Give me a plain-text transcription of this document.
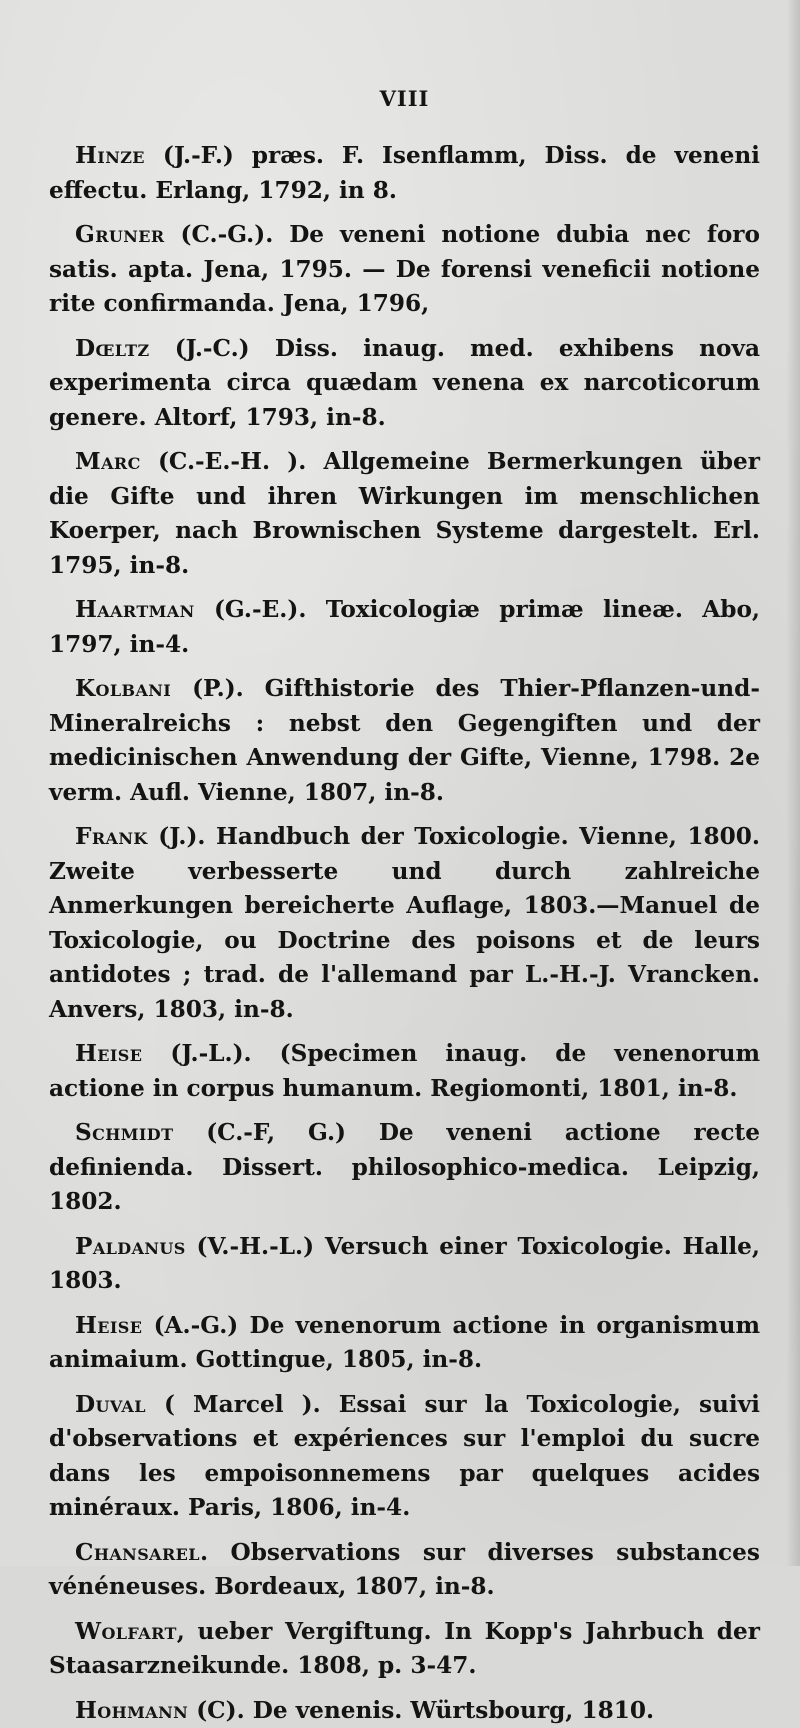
VIII

Hinze (J.-F.) præs. F. Isenflamm, Diss. de veneni effectu. Erlang, 1792, in 8.

Gruner (C.-G.). De veneni notione dubia nec foro satis. apta. Jena, 1795. — De forensi veneficii notione rite confirmanda. Jena, 1796,

Dœltz (J.-C.) Diss. inaug. med. exhibens nova experimenta circa quædam venena ex narcoticorum genere. Altorf, 1793, in-8.

Marc (C.-E.-H. ). Allgemeine Bermerkungen über die Gifte und ihren Wirkungen im menschlichen Koerper, nach Brownischen Systeme dargestelt. Erl. 1795, in-8.

Haartman (G.-E.). Toxicologiæ primæ lineæ. Abo, 1797, in-4.

Kolbani (P.). Gifthistorie des Thier-Pflanzen-und-Mineralreichs : nebst den Gegengiften und der medicinischen Anwendung der Gifte, Vienne, 1798. 2e verm. Aufl. Vienne, 1807, in-8.

Frank (J.). Handbuch der Toxicologie. Vienne, 1800. Zweite verbesserte und durch zahlreiche Anmerkungen bereicherte Auflage, 1803.—Manuel de Toxicologie, ou Doctrine des poisons et de leurs antidotes ; trad. de l'allemand par L.-H.-J. Vrancken. Anvers, 1803, in-8.

Heise (J.-L.). (Specimen inaug. de venenorum actione in corpus humanum. Regiomonti, 1801, in-8.

Schmidt (C.-F, G.) De veneni actione recte definienda. Dissert. philosophico-medica. Leipzig, 1802.

Paldanus (V.-H.-L.) Versuch einer Toxicologie. Halle, 1803.

Heise (A.-G.) De venenorum actione in organismum animaium. Gottingue, 1805, in-8.

Duval ( Marcel ). Essai sur la Toxicologie, suivi d'observations et expériences sur l'emploi du sucre dans les empoisonnemens par quelques acides minéraux. Paris, 1806, in-4.

Chansarel. Observations sur diverses substances vénéneuses. Bordeaux, 1807, in-8.

Wolfart, ueber Vergiftung. In Kopp's Jahrbuch der Staasarzneikunde. 1808, p. 3-47.

Hohmann (C). De venenis. Würtsbourg, 1810.
